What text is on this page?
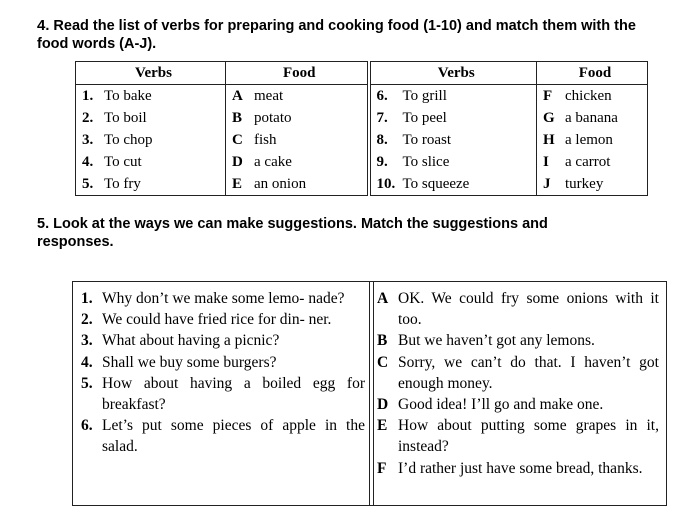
4. Read the list of verbs for preparing and cooking food (1-10) and match them with the
food words (A-J).
Verbs	Food	Verbs	Food
1. To bake	A meat	6. To grill	F chicken
2. To boil	B potato	7. To peel	G a banana
3. To chop	C fish	8. To roast	H a lemon
4. To cut	D a cake	9. To slice	I a carrot
5. To fry	E an onion	10. To squeeze	J turkey
5. Look at the ways we can make suggestions. Match the suggestions and
responses.
1. Why don’t we make some lemo- nade?
2. We could have fried rice for din- ner.
3. What about having a picnic?
4. Shall we buy some burgers?
5. How about having a boiled egg for breakfast?
6. Let’s put some pieces of apple in the salad.
A OK. We could fry some onions with it too.
B But we haven’t got any lemons.
C Sorry, we can’t do that. I haven’t got enough money.
D Good idea! I’ll go and make one.
E How about putting some grapes in it, instead?
F I’d rather just have some bread, thanks.
